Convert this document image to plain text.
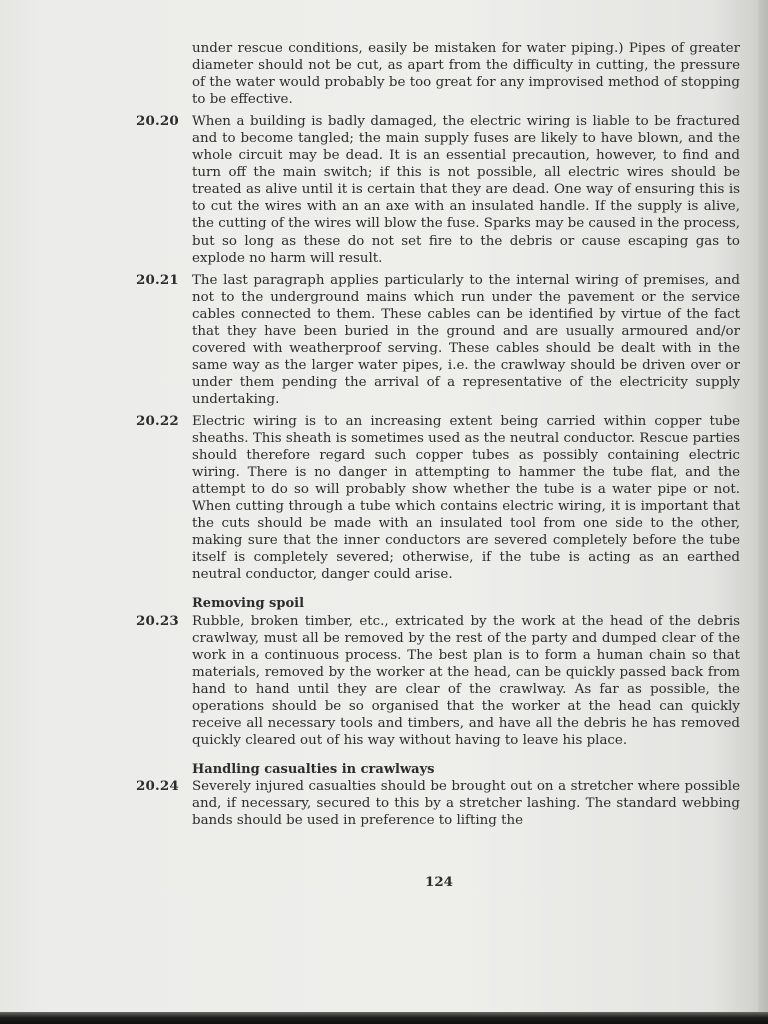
under rescue conditions, easily be mistaken for water piping.) Pipes of greater diameter should not be cut, as apart from the difficulty in cutting, the pressure of the water would probably be too great for any improvised method of stopping to be effective.
20.20 When a building is badly damaged, the electric wiring is liable to be fractured and to become tangled; the main supply fuses are likely to have blown, and the whole circuit may be dead. It is an essential precaution, however, to find and turn off the main switch; if this is not possible, all electric wires should be treated as alive until it is certain that they are dead. One way of ensuring this is to cut the wires with an an axe with an insulated handle. If the supply is alive, the cutting of the wires will blow the fuse. Sparks may be caused in the process, but so long as these do not set fire to the debris or cause escaping gas to explode no harm will result.
20.21 The last paragraph applies particularly to the internal wiring of premises, and not to the underground mains which run under the pavement or the service cables connected to them. These cables can be identified by virtue of the fact that they have been buried in the ground and are usually armoured and/or covered with weatherproof serving. These cables should be dealt with in the same way as the larger water pipes, i.e. the crawlway should be driven over or under them pending the arrival of a representative of the electricity supply undertaking.
20.22 Electric wiring is to an increasing extent being carried within copper tube sheaths. This sheath is sometimes used as the neutral conductor. Rescue parties should therefore regard such copper tubes as possibly containing electric wiring. There is no danger in attempting to hammer the tube flat, and the attempt to do so will probably show whether the tube is a water pipe or not. When cutting through a tube which contains electric wiring, it is important that the cuts should be made with an insulated tool from one side to the other, making sure that the inner conductors are severed completely before the tube itself is completely severed; otherwise, if the tube is acting as an earthed neutral conductor, danger could arise.
Removing spoil
20.23 Rubble, broken timber, etc., extricated by the work at the head of the debris crawlway, must all be removed by the rest of the party and dumped clear of the work in a continuous process. The best plan is to form a human chain so that materials, removed by the worker at the head, can be quickly passed back from hand to hand until they are clear of the crawlway. As far as possible, the operations should be so organised that the worker at the head can quickly receive all necessary tools and timbers, and have all the debris he has removed quickly cleared out of his way without having to leave his place.
Handling casualties in crawlways
20.24 Severely injured casualties should be brought out on a stretcher where possible and, if necessary, secured to this by a stretcher lashing. The standard webbing bands should be used in preference to lifting the
124
